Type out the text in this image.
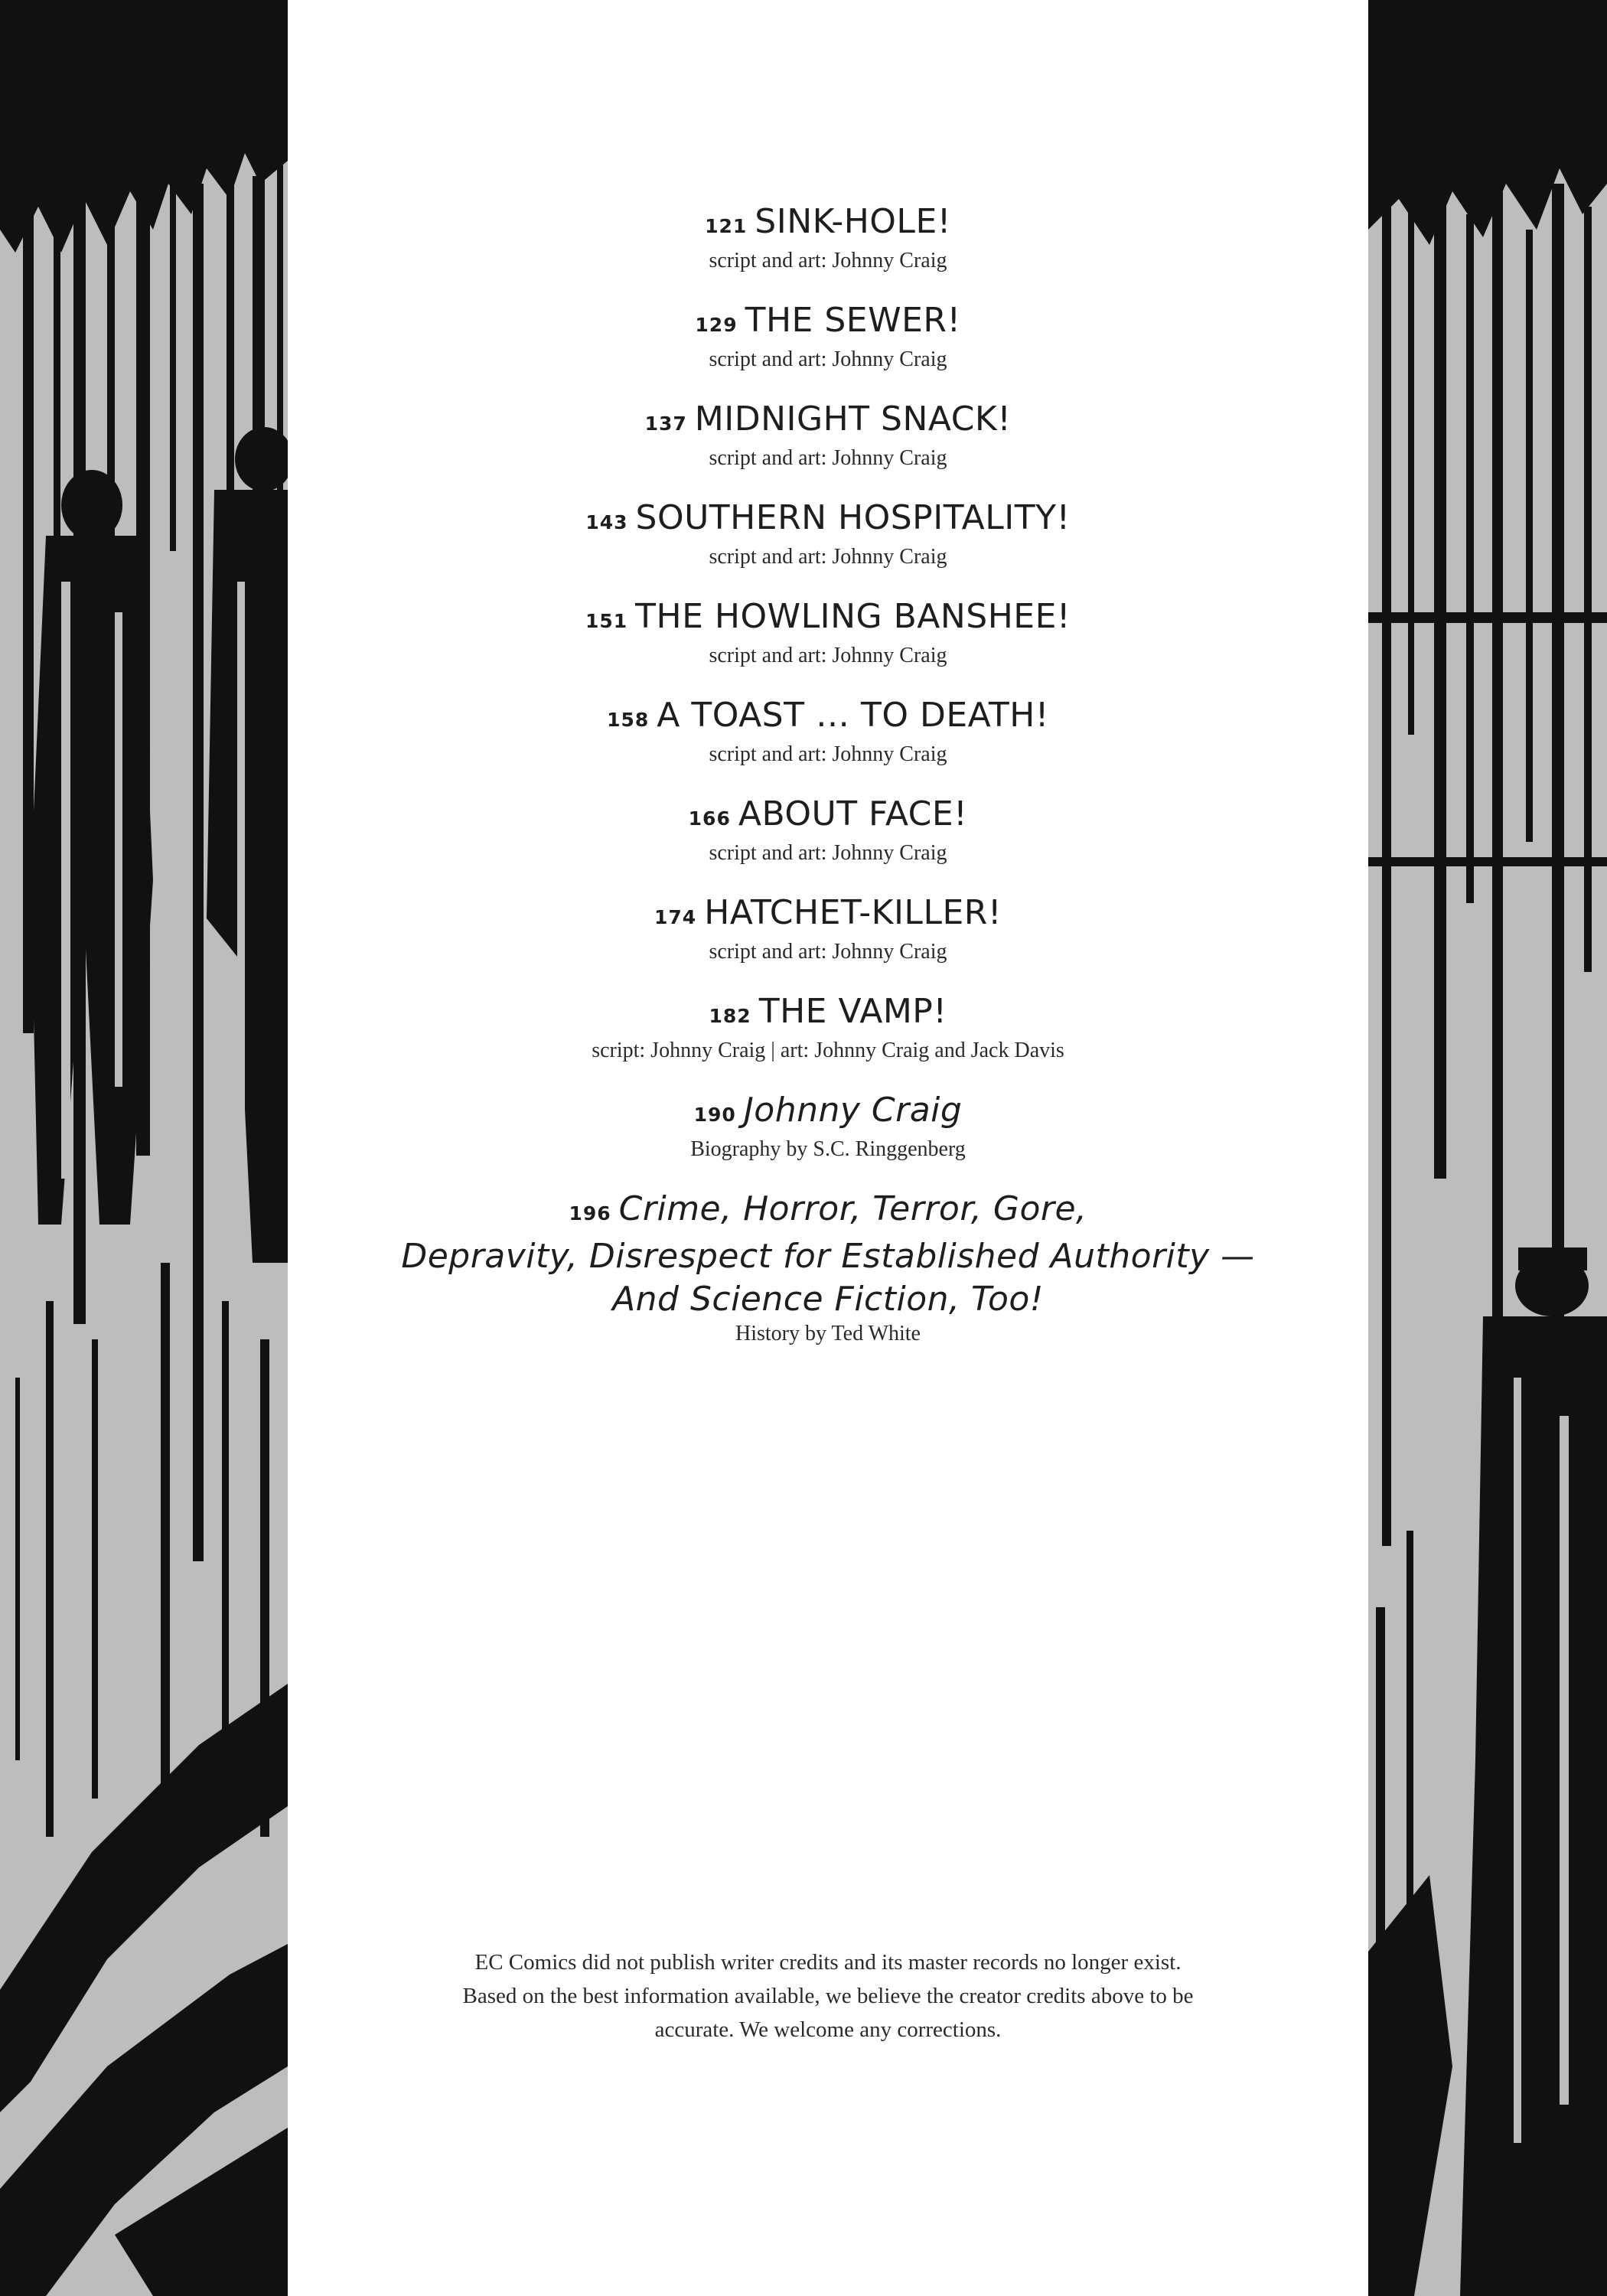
121 SINK-HOLE!
script and art: Johnny Craig
129 THE SEWER!
script and art: Johnny Craig
137 MIDNIGHT SNACK!
script and art: Johnny Craig
143 SOUTHERN HOSPITALITY!
script and art: Johnny Craig
151 THE HOWLING BANSHEE!
script and art: Johnny Craig
158 A TOAST … TO DEATH!
script and art: Johnny Craig
166 ABOUT FACE!
script and art: Johnny Craig
174 HATCHET-KILLER!
script and art: Johnny Craig
182 THE VAMP!
script: Johnny Craig | art: Johnny Craig and Jack Davis
190 Johnny Craig
Biography by S.C. Ringgenberg
196 Crime, Horror, Terror, Gore,
Depravity, Disrespect for Established Authority —
And Science Fiction, Too!
History by Ted White
EC Comics did not publish writer credits and its master records no longer exist.
Based on the best information available, we believe the creator credits above to be
accurate. We welcome any corrections.
